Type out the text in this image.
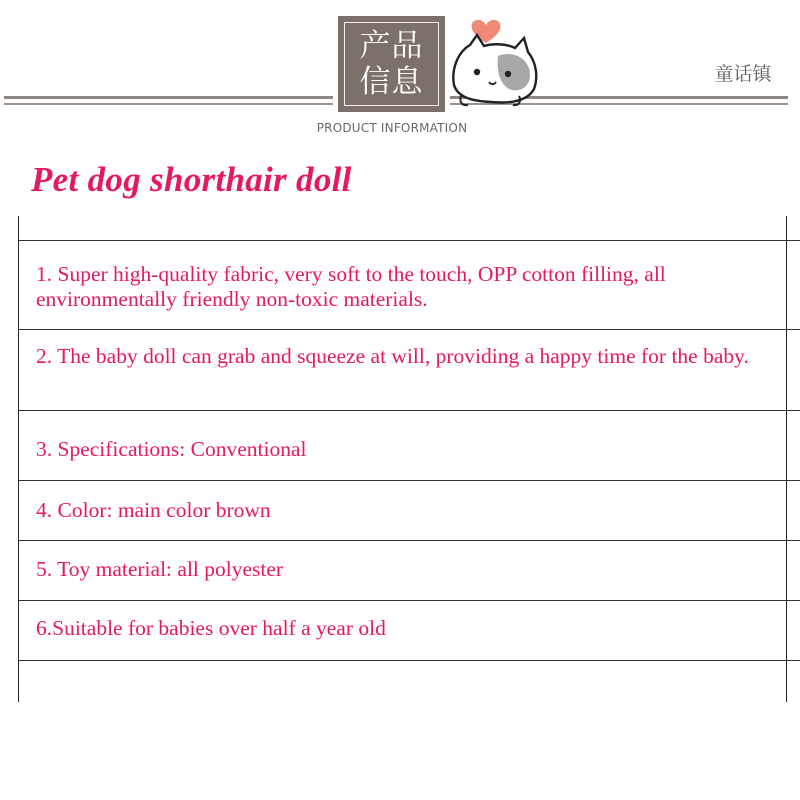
产品
信息	童话镇
PRODUCT INFORMATION
Pet dog shorthair doll
1. Super high-quality fabric, very soft to the touch, OPP cotton filling, all environmentally friendly non-toxic materials.
2. The baby doll can grab and squeeze at will, providing a happy time for the baby.
3. Specifications: Conventional
4. Color: main color brown
5. Toy material: all polyester
6.Suitable for babies over half a year old
